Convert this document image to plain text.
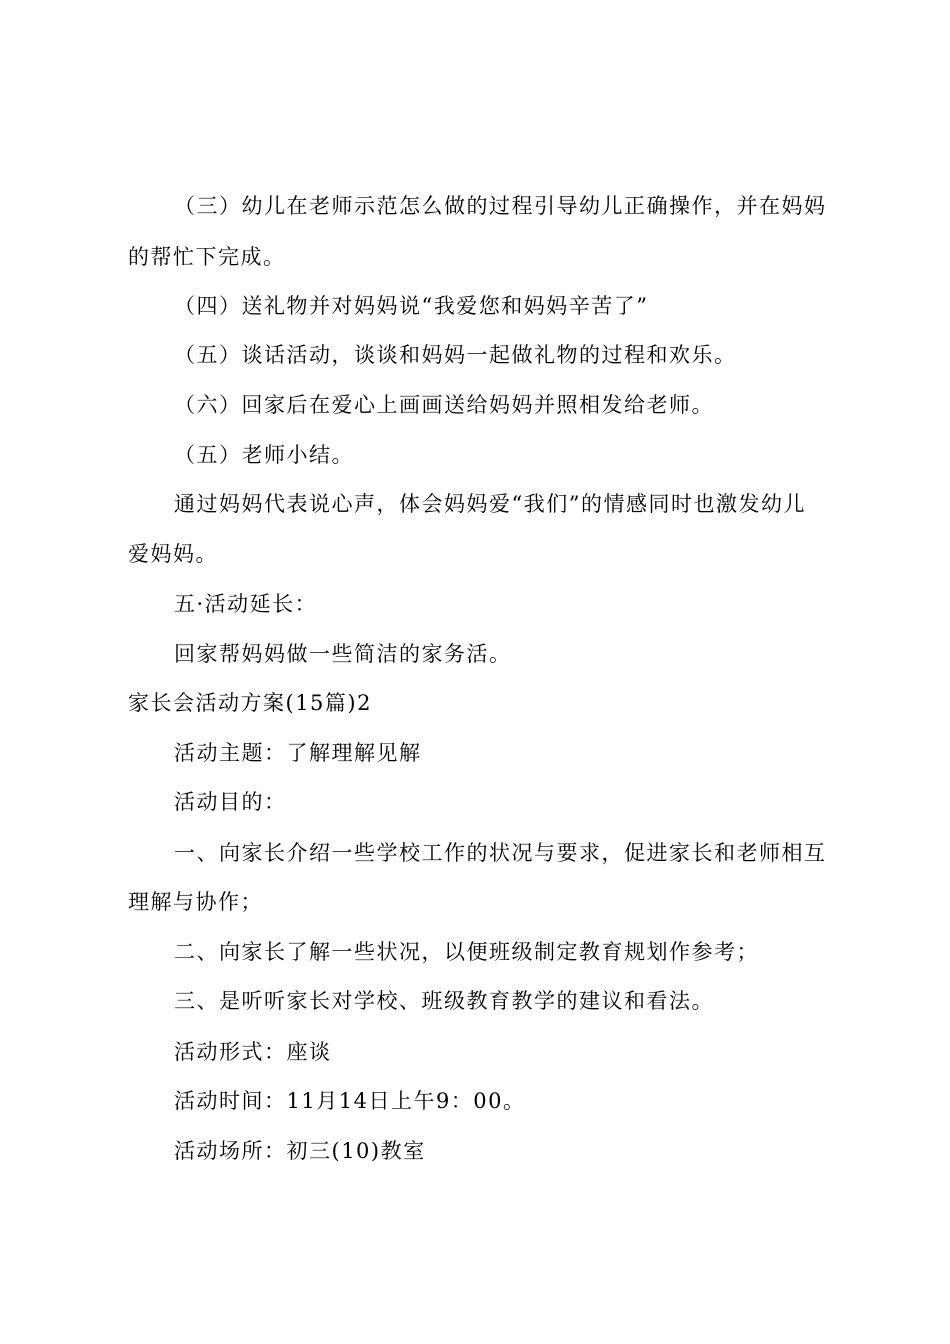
（三）幼儿在老师示范怎么做的过程引导幼儿正确操作，并在妈妈
的帮忙下完成。
（四）送礼物并对妈妈说“我爱您和妈妈辛苦了”
（五）谈话活动，谈谈和妈妈一起做礼物的过程和欢乐。
（六）回家后在爱心上画画送给妈妈并照相发给老师。
（五）老师小结。
通过妈妈代表说心声，体会妈妈爱“我们”的情感同时也激发幼儿
爱妈妈。
五·活动延长：
回家帮妈妈做一些简洁的家务活。
家长会活动方案(15篇)2
活动主题：了解理解见解
活动目的：
一、向家长介绍一些学校工作的状况与要求，促进家长和老师相互
理解与协作；
二、向家长了解一些状况，以便班级制定教育规划作参考；
三、是听听家长对学校、班级教育教学的建议和看法。
活动形式：座谈
活动时间：11月14日上午9：00。
活动场所：初三(10)教室
